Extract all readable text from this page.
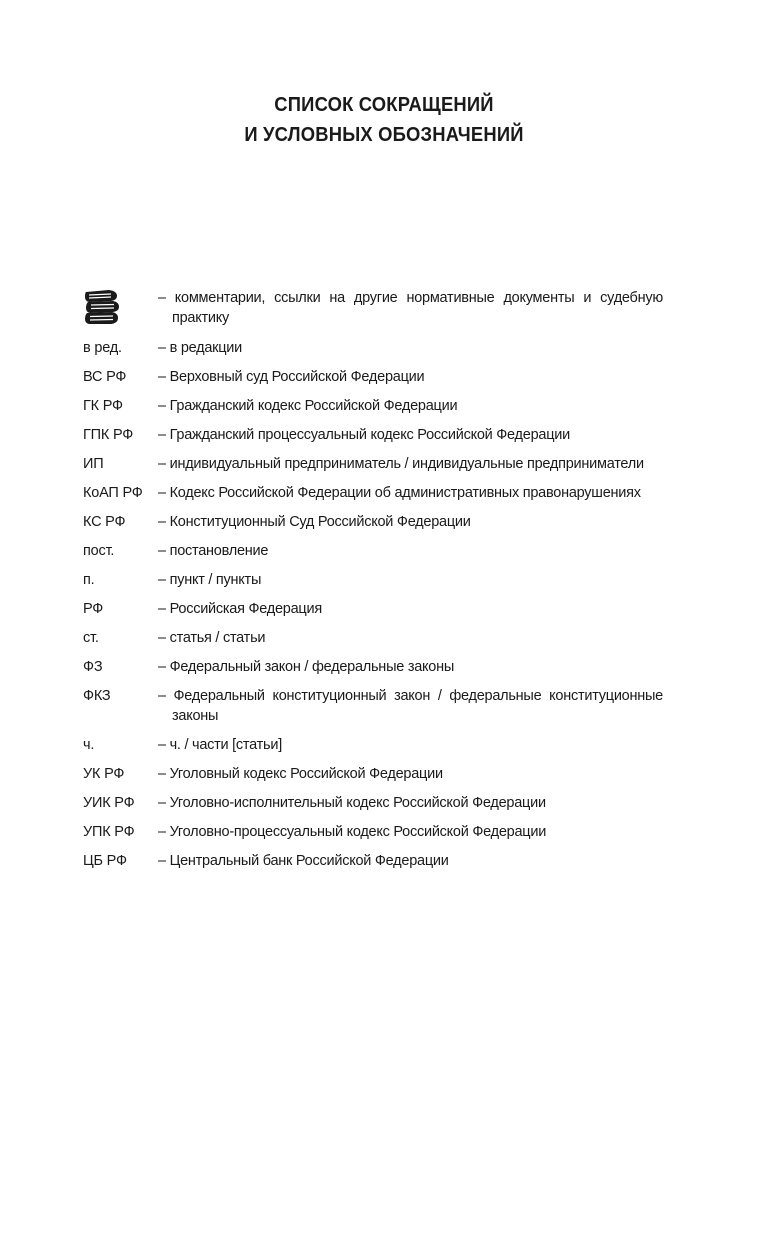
СПИСОК СОКРАЩЕНИЙ
И УСЛОВНЫХ ОБОЗНАЧЕНИЙ
– комментарии, ссылки на другие нормативные документы и судебную практику
в ред.	– в редакции
ВС РФ	– Верховный суд Российской Федерации
ГК РФ	– Гражданский кодекс Российской Федерации
ГПК РФ	– Гражданский процессуальный кодекс Российской Федерации
ИП	– индивидуальный предприниматель / индивидуальные предприниматели
КоАП РФ	– Кодекс Российской Федерации об административных правонарушениях
КС РФ	– Конституционный Суд Российской Федерации
пост.	– постановление
п.	– пункт / пункты
РФ	– Российская Федерация
ст.	– статья / статьи
ФЗ	– Федеральный закон / федеральные законы
ФКЗ	– Федеральный конституционный закон / федеральные конституционные законы
ч.	– ч. / части [статьи]
УК РФ	– Уголовный кодекс Российской Федерации
УИК РФ	– Уголовно-исполнительный кодекс Российской Федерации
УПК РФ	– Уголовно-процессуальный кодекс Российской Федерации
ЦБ РФ	– Центральный банк Российской Федерации
